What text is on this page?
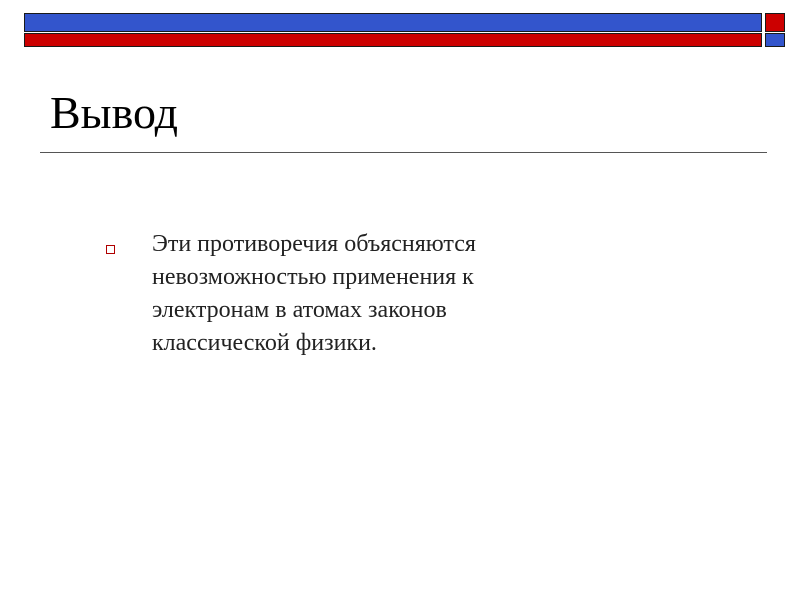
Вывод
Эти противоречия объясняются
невозможностью применения к
электронам в атомах законов
классической физики.
